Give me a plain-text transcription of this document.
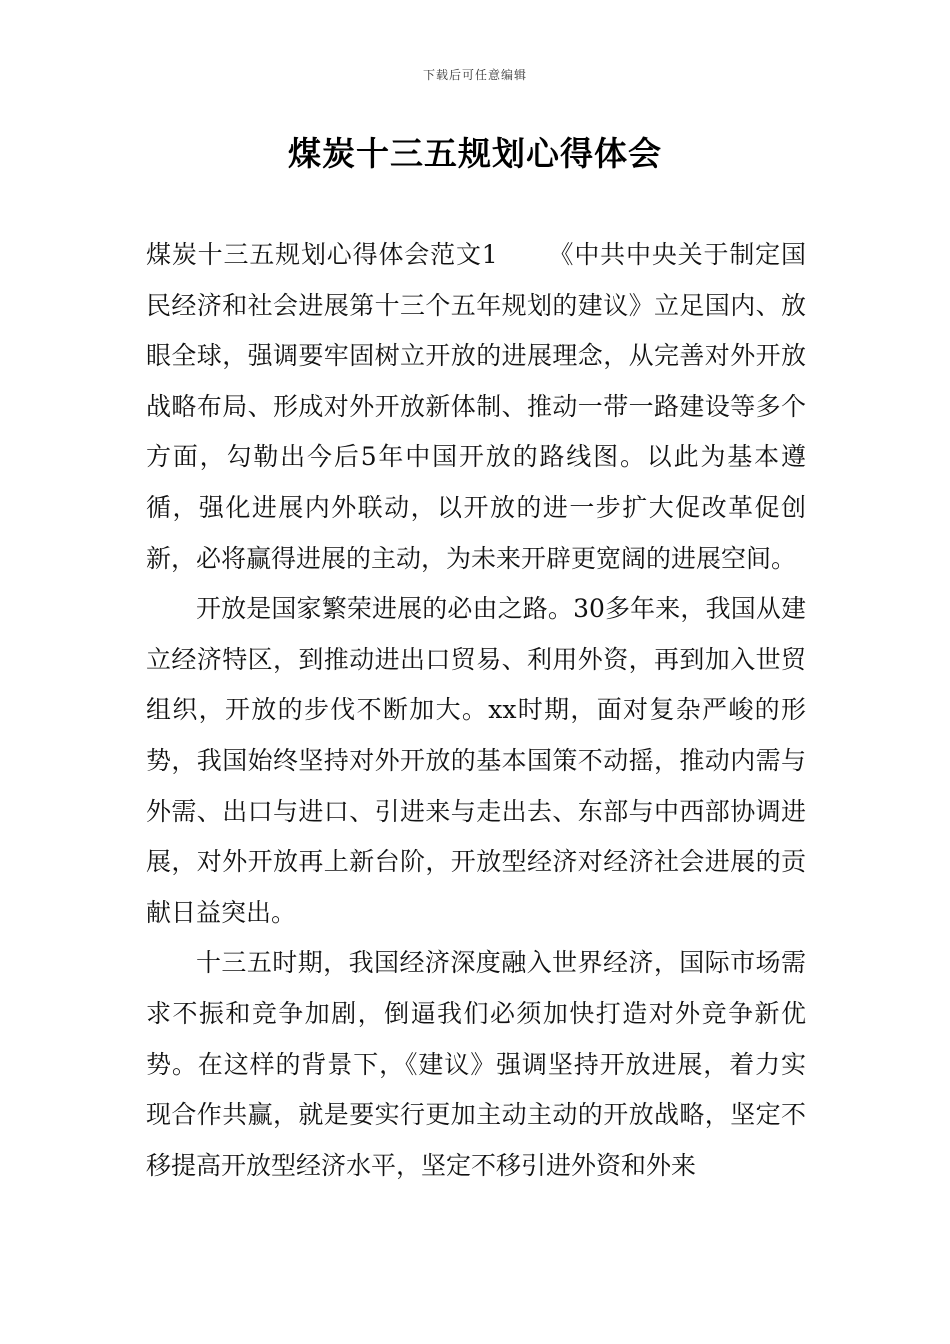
下载后可任意编辑
煤炭十三五规划心得体会

煤炭十三五规划心得体会范文1 《中共中央关于制定国民经济和社会进展第十三个五年规划的建议》立足国内、放眼全球，强调要牢固树立开放的进展理念，从完善对外开放战略布局、形成对外开放新体制、推动一带一路建设等多个方面，勾勒出今后5年中国开放的路线图。以此为基本遵循，强化进展内外联动，以开放的进一步扩大促改革促创新，必将赢得进展的主动，为未来开辟更宽阔的进展空间。

开放是国家繁荣进展的必由之路。30多年来，我国从建立经济特区，到推动进出口贸易、利用外资，再到加入世贸组织，开放的步伐不断加大。xx时期，面对复杂严峻的形势，我国始终坚持对外开放的基本国策不动摇，推动内需与外需、出口与进口、引进来与走出去、东部与中西部协调进展，对外开放再上新台阶，开放型经济对经济社会进展的贡献日益突出。

十三五时期，我国经济深度融入世界经济，国际市场需求不振和竞争加剧，倒逼我们必须加快打造对外竞争新优势。在这样的背景下，《建议》强调坚持开放进展，着力实现合作共赢，就是要实行更加主动主动的开放战略，坚定不移提高开放型经济水平，坚定不移引进外资和外来
